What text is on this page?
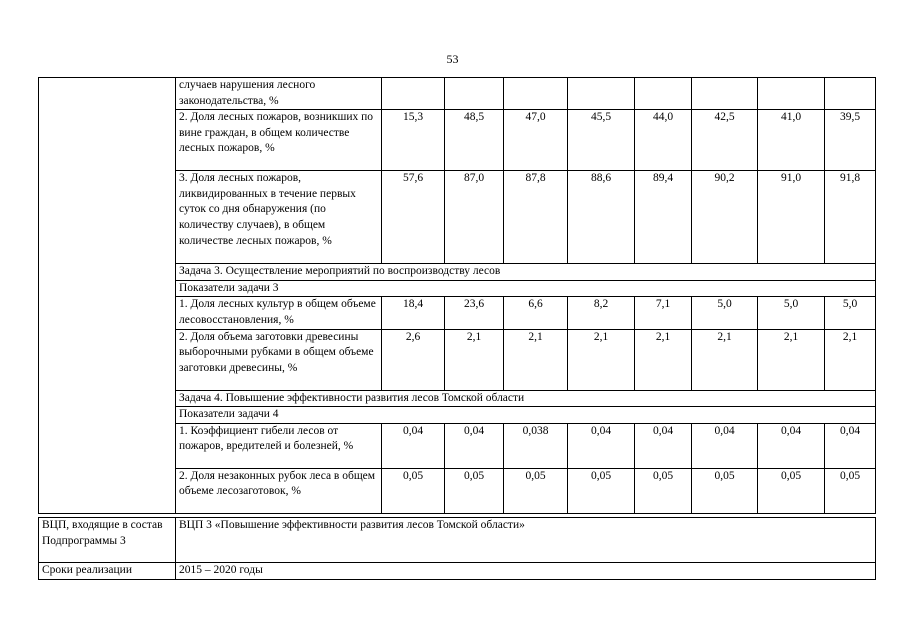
53
	случаев нарушения лесного законодательства, %								
	2. Доля лесных пожаров, возникших по вине граждан, в общем количестве лесных пожаров, %	15,3	48,5	47,0	45,5	44,0	42,5	41,0	39,5
	3. Доля лесных пожаров, ликвидированных в течение первых суток со дня обнаружения (по количеству случаев), в общем количестве лесных пожаров, %	57,6	87,0	87,8	88,6	89,4	90,2	91,0	91,8
	Задача 3. Осуществление мероприятий по воспроизводству лесов								
	Показатели задачи 3								
	1. Доля лесных культур в общем объеме лесовосстановления, %	18,4	23,6	6,6	8,2	7,1	5,0	5,0	5,0
	2. Доля объема заготовки древесины выборочными рубками в общем объеме заготовки древесины, %	2,6	2,1	2,1	2,1	2,1	2,1	2,1	2,1
	Задача 4. Повышение эффективности развития лесов Томской области								
	Показатели задачи 4								
	1. Коэффициент гибели лесов от пожаров, вредителей и болезней, %	0,04	0,04	0,038	0,04	0,04	0,04	0,04	0,04
	2. Доля незаконных рубок леса в общем объеме лесозаготовок, %	0,05	0,05	0,05	0,05	0,05	0,05	0,05	0,05
ВЦП, входящие в состав Подпрограммы 3	ВЦП 3 «Повышение эффективности развития лесов Томской области»
Сроки реализации	2015 – 2020 годы
